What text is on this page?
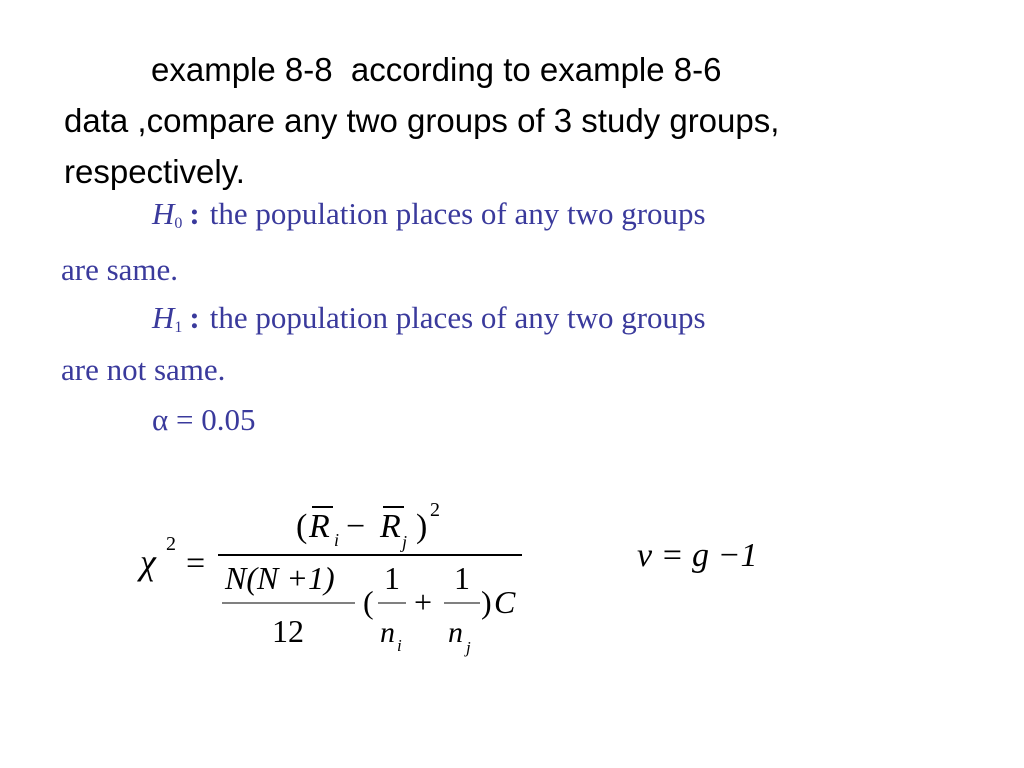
example 8-8  according to example 8-6
data ,compare any two groups of 3 study groups,
respectively.

$H_0$ : the population places of any two groups
are same.
$H_1$ : the population places of any two groups
are not same.
α = 0.05
χ 2
=
( R i − R j ) 2
N(N +1)
12
(
1
n i
+
1
n j
) C
ν = g −1
